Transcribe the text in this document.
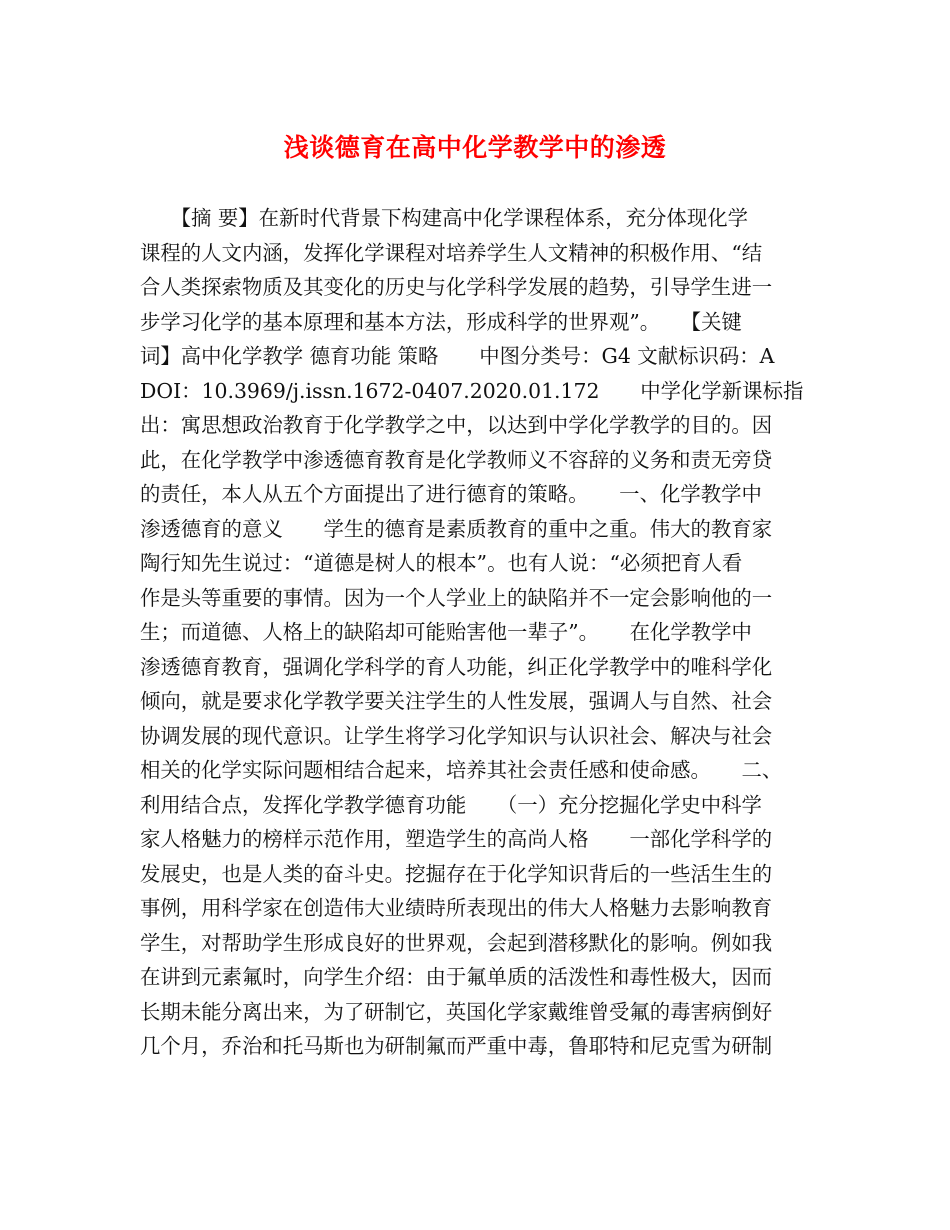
浅谈德育在高中化学教学中的渗透
　　【摘 要】在新时代背景下构建高中化学课程体系，充分体现化学
课程的人文内涵，发挥化学课程对培养学生人文精神的积极作用、“结
合人类探索物质及其变化的历史与化学科学发展的趋势，引导学生进一
步学习化学的基本原理和基本方法，形成科学的世界观”。　　【关键
词】高中化学教学 德育功能 策略　　中图分类号：G4 文献标识码：A
DOI：10.3969/j.issn.1672-0407.2020.01.172　　中学化学新课标指
出：寓思想政治教育于化学教学之中，以达到中学化学教学的目的。因
此，在化学教学中渗透德育教育是化学教师义不容辞的义务和责无旁贷
的责任，本人从五个方面提出了进行德育的策略。　　一、化学教学中
渗透德育的意义　　学生的德育是素质教育的重中之重。伟大的教育家
陶行知先生说过：“道德是树人的根本”。也有人说：“必须把育人看
作是头等重要的事情。因为一个人学业上的缺陷并不一定会影响他的一
生；而道德、人格上的缺陷却可能贻害他一辈子”。　　在化学教学中
渗透德育教育，强调化学科学的育人功能，纠正化学教学中的唯科学化
倾向，就是要求化学教学要关注学生的人性发展，强调人与自然、社会
协调发展的现代意识。让学生将学习化学知识与认识社会、解决与社会
相关的化学实际问题相结合起来，培养其社会责任感和使命感。　　二、
利用结合点，发挥化学教学德育功能　　（一）充分挖掘化学史中科学
家人格魅力的榜样示范作用，塑造学生的高尚人格　　一部化学科学的
发展史，也是人类的奋斗史。挖掘存在于化学知识背后的一些活生生的
事例，用科学家在创造伟大业绩時所表现出的伟大人格魅力去影响教育
学生，对帮助学生形成良好的世界观，会起到潜移默化的影响。例如我
在讲到元素氟时，向学生介绍：由于氟单质的活泼性和毒性极大，因而
长期未能分离出来，为了研制它，英国化学家戴维曾受氟的毒害病倒好
几个月，乔治和托马斯也为研制氟而严重中毒，鲁耶特和尼克雪为研制
